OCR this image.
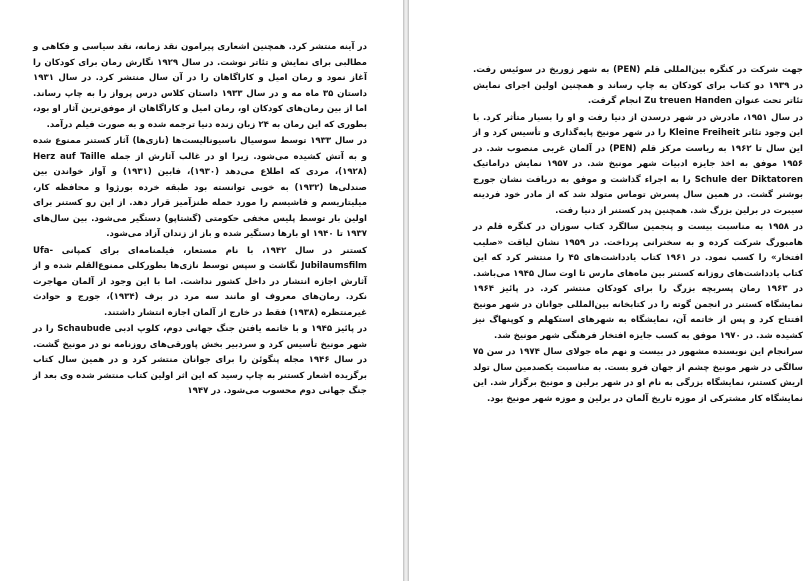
در آینه منتشر کرد. همچنین اشعاری پیرامون نقد زمانه، نقد سیاسی و فکاهی و مطالبی برای نمایش و تئاتر نوشت. در سال ۱۹۲۹ نگارش رمان برای کودکان را آغاز نمود و رمان امیل و کاراگاهان را در آن سال منتشر کرد. در سال ۱۹۳۱ داستان ۳۵ ماه مه و در سال ۱۹۳۳ داستان کلاس درس پرواز را به چاپ رساند. اما از بین رمان‌های کودکان او، رمان امیل و کاراگاهان از موفق‌ترین آثار او بود، بطوری که این رمان به ۲۴ زبان زنده دنیا ترجمه شده و به صورت فیلم درآمد.

در سال ۱۹۳۳ توسط سوسیال ناسیونالیست‌ها (نازی‌ها) آثار کستنر ممنوع شده و به آتش کشیده می‌شود. زیرا او در غالب آثارش از جمله Herz auf Taille (۱۹۲۸)، مردی که اطلاع می‌دهد (۱۹۳۰)، فابین (۱۹۳۱) و آواز خواندن بین صندلی‌ها (۱۹۳۲) به خوبی توانسته بود طبقه خرده بورژوا و محافظه کار، میلیتاریسم و فاشیسم را مورد حمله طنزآمیز قرار دهد. از این رو کستنر برای اولین بار توسط پلیس مخفی حکومتی (گشتاپو) دستگیر می‌شود. بین سال‌های ۱۹۳۷ تا ۱۹۴۰ او بارها دستگیر شده و باز از زندان آزاد می‌شود.

کستنر در سال ۱۹۴۲، با نام مستعار، فیلمنامه‌ای برای کمپانی Ufa-Jubilaumsfilm نگاشت و سپس توسط نازی‌ها بطورکلی ممنوع‌القلم شده و از آثارش اجازه انتشار در داخل کشور نداشت. اما با این وجود از آلمان مهاجرت نکرد. رمان‌های معروف او مانند سه مرد در برف (۱۹۳۴)، جورج و حوادث غیرمنتظره (۱۹۳۸) فقط در خارج از آلمان اجازه انتشار داشتند.

در پائیز ۱۹۴۵ و با خاتمه یافتن جنگ جهانی دوم، کلوپ ادبی Schaubude را در شهر مونیخ تأسیس کرد و سردبیر بخش پاورقی‌های روزنامه نو در مونیخ گشت. در سال ۱۹۴۶ مجله پنگوئن را برای جوانان منتشر کرد و در همین سال کتاب برگزیده اشعار کستنر به چاپ رسید که این اثر اولین کتاب منتشر شده وی بعد از جنگ جهانی دوم محسوب می‌شود. در ۱۹۴۷

جهت شرکت در کنگره بین‌المللی قلم (PEN) به شهر زوریخ در سوئیس رفت. در ۱۹۳۹ دو کتاب برای کودکان به چاپ رساند و همچنین اولین اجرای نمایش تئاتر تحت عنوان Zu treuen Handen انجام گرفت.

در سال ۱۹۵۱، مادرش در شهر درسدن از دنیا رفت و او را بسیار متأثر کرد. با این وجود تئاتر Kleine Freiheit را در شهر مونیخ پایه‌گذاری و تأسیس کرد و از این سال تا ۱۹۶۲ به ریاست مرکز قلم (PEN) در آلمان غربی منصوب شد. در ۱۹۵۶ موفق به اخذ جایزه ادبیات شهر مونیخ شد. در ۱۹۵۷ نمایش دراماتیک Schule der Diktatoren را به اجراء گذاشت و موفق به دریافت نشان جورج بوشنر گشت. در همین سال پسرش توماس متولد شد که از مادر خود فردینه سیبرت در برلین بزرگ شد. همچنین پدر کستنر از دنیا رفت.

در ۱۹۵۸ به مناسبت بیست و پنجمین سالگرد کتاب سوزان در کنگره قلم در هامبورگ شرکت کرده و به سخنرانی پرداخت. در ۱۹۵۹ نشان لیاقت «صلیب افتخار» را کسب نمود. در ۱۹۶۱ کتاب یادداشت‌های ۴۵ را منتشر کرد که این کتاب یادداشت‌های روزانه کستنر بین ماه‌های مارس تا اوت سال ۱۹۴۵ می‌باشد. در ۱۹۶۳ رمان پسربچه بزرگ را برای کودکان منتشر کرد. در پائیز ۱۹۶۴ نمایشگاه کستنر در انجمن گوته را در کتابخانه بین‌المللی جوانان در شهر مونیخ افتتاح کرد و پس از خاتمه آن، نمایشگاه به شهرهای استکهلم و کوپنهاگ نیز کشیده شد. در ۱۹۷۰ موفق به کسب جایزه افتخار فرهنگی شهر مونیخ شد.

سرانجام این نویسنده مشهور در بیست و نهم ماه جولای سال ۱۹۷۴ در سن ۷۵ سالگی در شهر مونیخ چشم از جهان فرو بست. به مناسبت یکصدمین سال تولد اریش کستنر، نمایشگاه بزرگی به نام او در شهر برلین و مونیخ برگزار شد. این نمایشگاه کار مشترکی از موزه تاریخ آلمان در برلین و موزه شهر مونیخ بود.
